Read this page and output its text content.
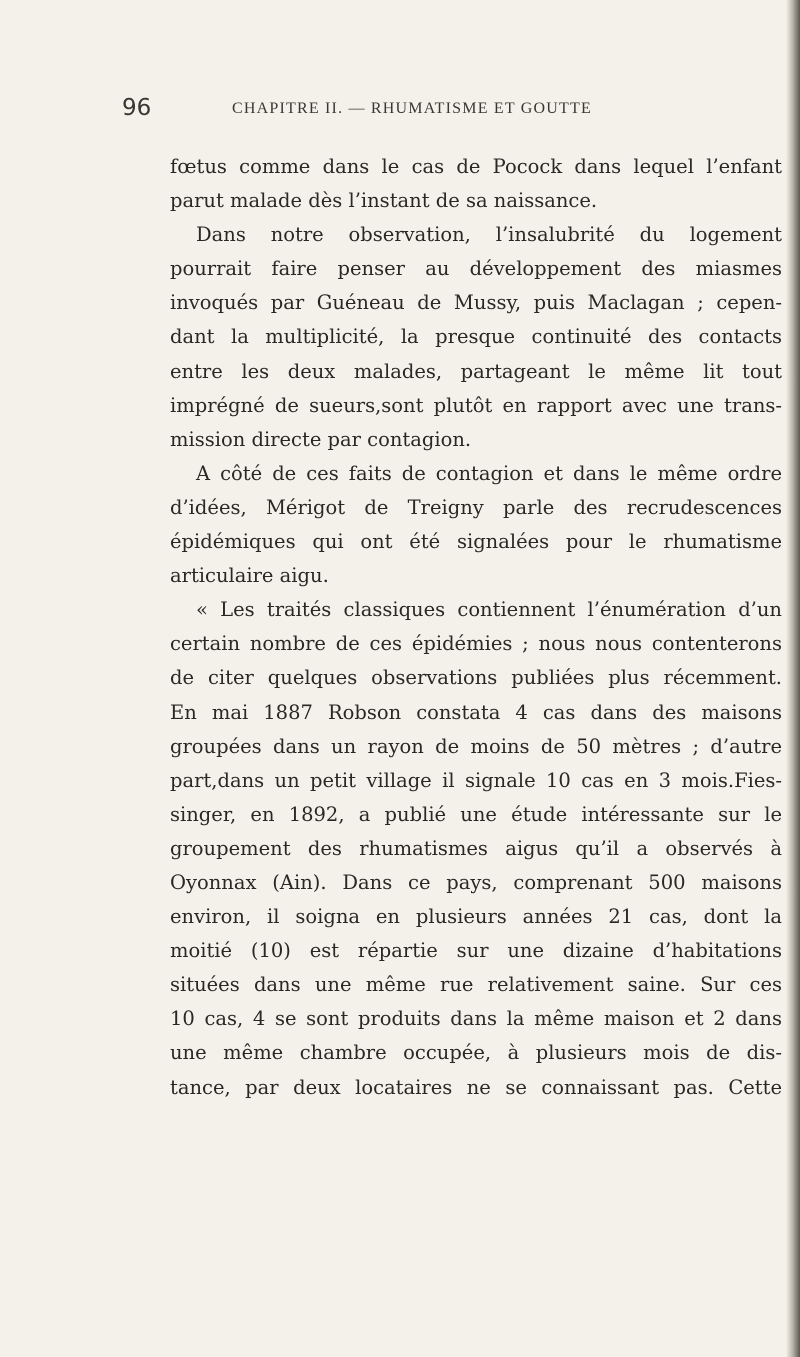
96	CHAPITRE II. — RHUMATISME ET GOUTTE
fœtus comme dans le cas de Pocock dans lequel l’enfant
parut malade dès l’instant de sa naissance.
Dans notre observation, l’insalubrité du logement
pourrait faire penser au développement des miasmes
invoqués par Guéneau de Mussy, puis Maclagan ; cepen-
dant la multiplicité, la presque continuité des contacts
entre les deux malades, partageant le même lit tout
imprégné de sueurs,sont plutôt en rapport avec une trans-
mission directe par contagion.
A côté de ces faits de contagion et dans le même ordre
d’idées, Mérigot de Treigny parle des recrudescences
épidémiques qui ont été signalées pour le rhumatisme
articulaire aigu.
« Les traités classiques contiennent l’énumération d’un
certain nombre de ces épidémies ; nous nous contenterons
de citer quelques observations publiées plus récemment.
En mai 1887 Robson constata 4 cas dans des maisons
groupées dans un rayon de moins de 50 mètres ; d’autre
part,dans un petit village il signale 10 cas en 3 mois.Fies-
singer, en 1892, a publié une étude intéressante sur le
groupement des rhumatismes aigus qu’il a observés à
Oyonnax (Ain). Dans ce pays, comprenant 500 maisons
environ, il soigna en plusieurs années 21 cas, dont la
moitié (10) est répartie sur une dizaine d’habitations
situées dans une même rue relativement saine. Sur ces
10 cas, 4 se sont produits dans la même maison et 2 dans
une même chambre occupée, à plusieurs mois de dis-
tance, par deux locataires ne se connaissant pas. Cette
